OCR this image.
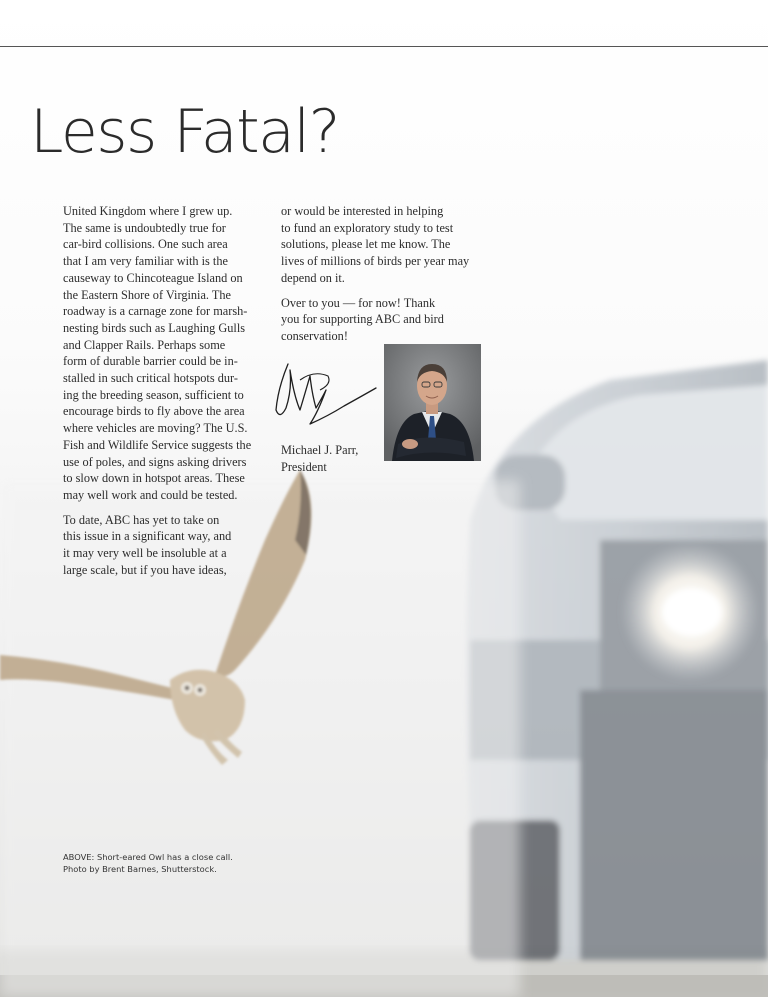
Less Fatal?

United Kingdom where I grew up.
The same is undoubtedly true for
car-bird collisions. One such area
that I am very familiar with is the
causeway to Chincoteague Island on
the Eastern Shore of Virginia. The
roadway is a carnage zone for marsh-
nesting birds such as Laughing Gulls
and Clapper Rails. Perhaps some
form of durable barrier could be in-
stalled in such critical hotspots dur-
ing the breeding season, sufficient to
encourage birds to fly above the area
where vehicles are moving? The U.S.
Fish and Wildlife Service suggests the
use of poles, and signs asking drivers
to slow down in hotspot areas. These
may well work and could be tested.

To date, ABC has yet to take on
this issue in a significant way, and
it may very well be insoluble at a
large scale, but if you have ideas,

or would be interested in helping
to fund an exploratory study to test
solutions, please let me know. The
lives of millions of birds per year may
depend on it.

Over to you — for now! Thank
you for supporting ABC and bird
conservation!

Michael J. Parr,
President
ABOVE: Short-eared Owl has a close call.
Photo by Brent Barnes, Shutterstock.
